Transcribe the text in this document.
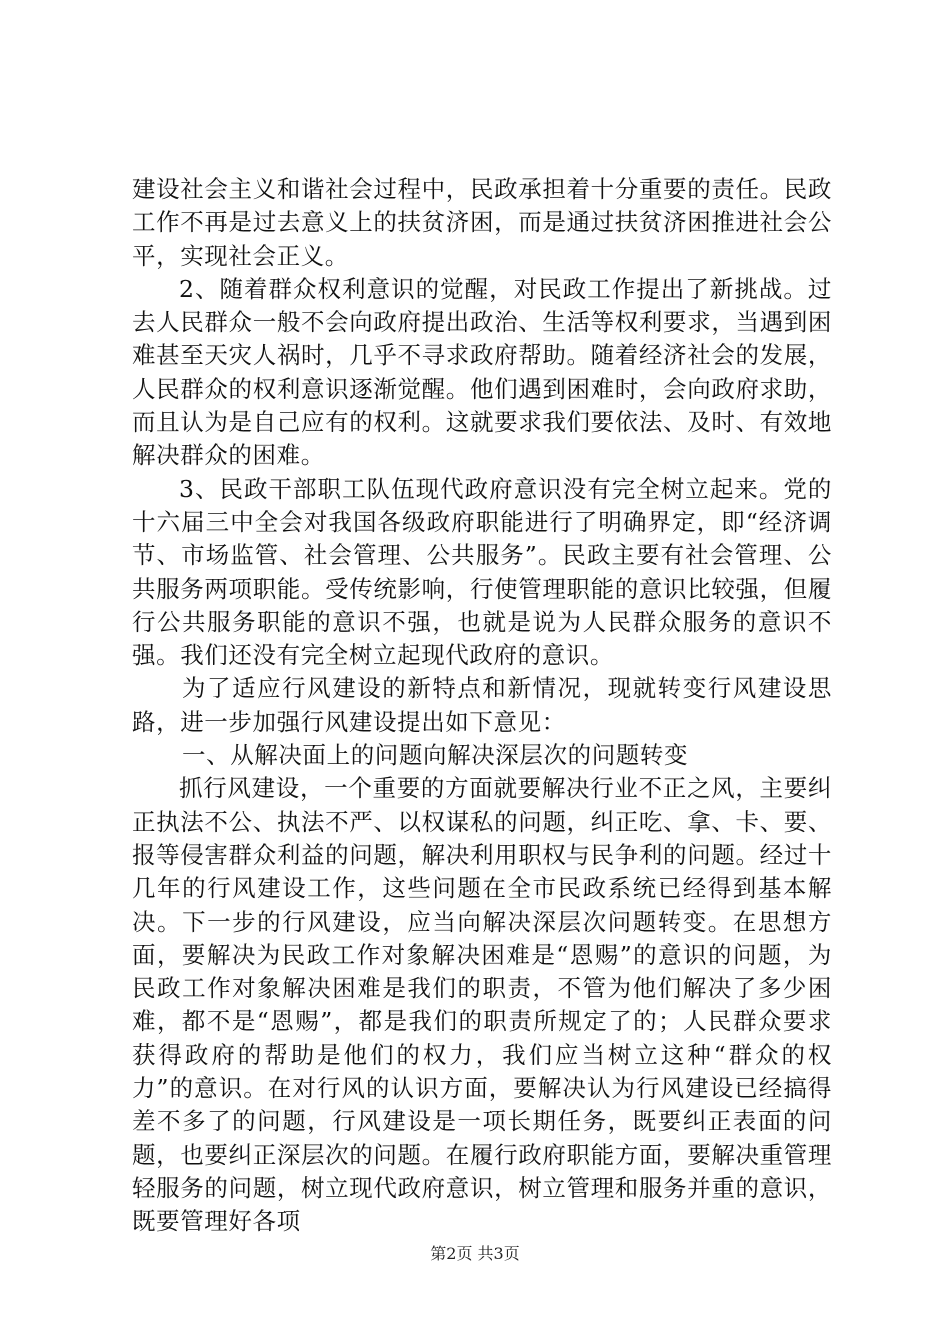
建设社会主义和谐社会过程中，民政承担着十分重要的责任。民政工作不再是过去意义上的扶贫济困，而是通过扶贫济困推进社会公平，实现社会正义。

2、随着群众权利意识的觉醒，对民政工作提出了新挑战。过去人民群众一般不会向政府提出政治、生活等权利要求，当遇到困难甚至天灾人祸时，几乎不寻求政府帮助。随着经济社会的发展，人民群众的权利意识逐渐觉醒。他们遇到困难时，会向政府求助，而且认为是自己应有的权利。这就要求我们要依法、及时、有效地解决群众的困难。

3、民政干部职工队伍现代政府意识没有完全树立起来。党的十六届三中全会对我国各级政府职能进行了明确界定，即“经济调节、市场监管、社会管理、公共服务”。民政主要有社会管理、公共服务两项职能。受传统影响，行使管理职能的意识比较强，但履行公共服务职能的意识不强，也就是说为人民群众服务的意识不强。我们还没有完全树立起现代政府的意识。

为了适应行风建设的新特点和新情况，现就转变行风建设思路，进一步加强行风建设提出如下意见：

一、从解决面上的问题向解决深层次的问题转变

抓行风建设，一个重要的方面就要解决行业不正之风，主要纠正执法不公、执法不严、以权谋私的问题，纠正吃、拿、卡、要、报等侵害群众利益的问题，解决利用职权与民争利的问题。经过十几年的行风建设工作，这些问题在全市民政系统已经得到基本解决。下一步的行风建设，应当向解决深层次问题转变。在思想方面，要解决为民政工作对象解决困难是“恩赐”的意识的问题，为民政工作对象解决困难是我们的职责，不管为他们解决了多少困难，都不是“恩赐”，都是我们的职责所规定了的；人民群众要求获得政府的帮助是他们的权力，我们应当树立这种“群众的权力”的意识。在对行风的认识方面，要解决认为行风建设已经搞得差不多了的问题，行风建设是一项长期任务，既要纠正表面的问题，也要纠正深层次的问题。在履行政府职能方面，要解决重管理轻服务的问题，树立现代政府意识，树立管理和服务并重的意识，既要管理好各项

第2页 共3页
